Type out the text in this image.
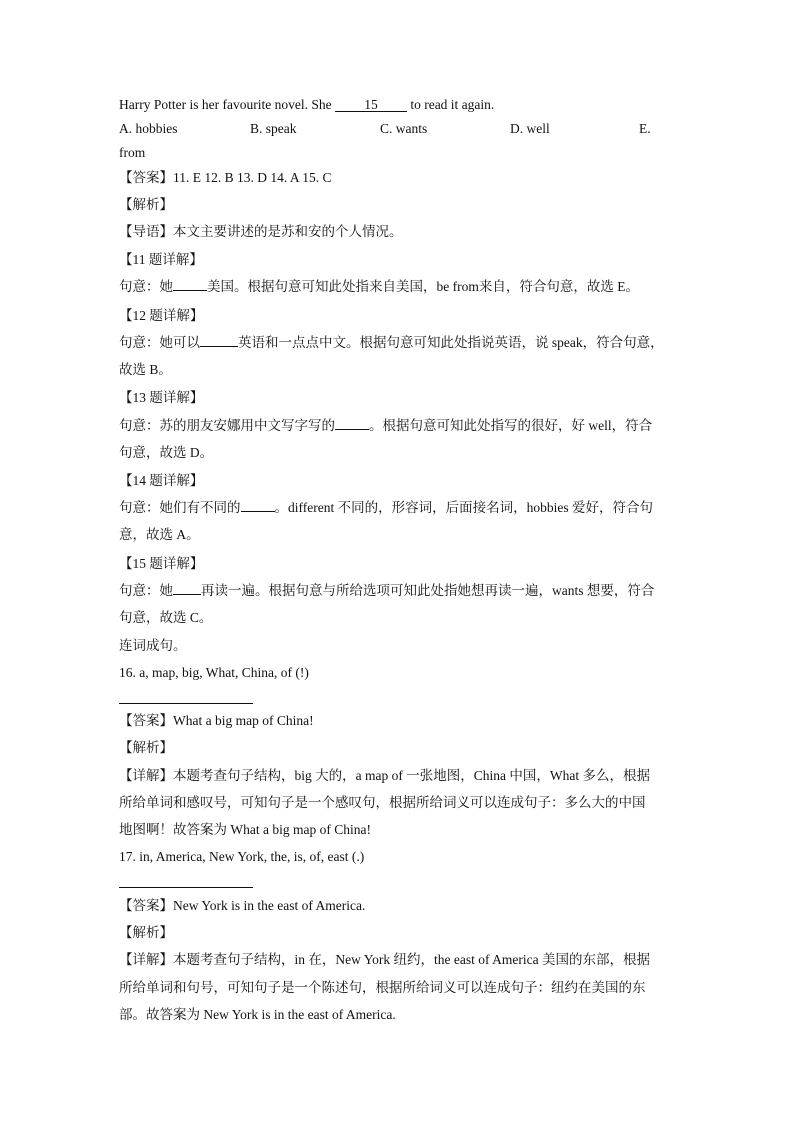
Harry Potter is her favourite novel. She 15 to read it again.
A. hobbies	B. speak	C. wants	D. well	E.
from
【答案】11. E 12. B 13. D 14. A 15. C
【解析】
【导语】本文主要讲述的是苏和安的个人情况。
【11 题详解】
句意：她	美国。根据句意可知此处指来自美国，be from来自，符合句意，故选 E。
【12 题详解】
句意：她可以	英语和一点点中文。根据句意可知此处指说英语，说 speak，符合句意，
故选 B。
【13 题详解】
句意：苏的朋友安娜用中文写字写的	。根据句意可知此处指写的很好，好 well，符合
句意，故选 D。
【14 题详解】
句意：她们有不同的	。different 不同的，形容词，后面接名词，hobbies 爱好，符合句
意，故选 A。
【15 题详解】
句意：她 再读一遍。根据句意与所给选项可知此处指她想再读一遍，wants 想要，符合
句意，故选 C。
连词成句。
16. a, map, big, What, China, of (!)
【答案】What a big map of China!
【解析】
【详解】本题考查句子结构，big 大的，a map of 一张地图，China 中国，What 多么，根据
所给单词和感叹号，可知句子是一个感叹句，根据所给词义可以连成句子：多么大的中国
地图啊！故答案为 What a big map of China!
17. in, America, New York, the, is, of, east (.)
【答案】New York is in the east of America.
【解析】
【详解】本题考查句子结构，in 在，New York 纽约，the east of America 美国的东部，根据
所给单词和句号，可知句子是一个陈述句，根据所给词义可以连成句子：纽约在美国的东
部。故答案为 New York is in the east of America.
